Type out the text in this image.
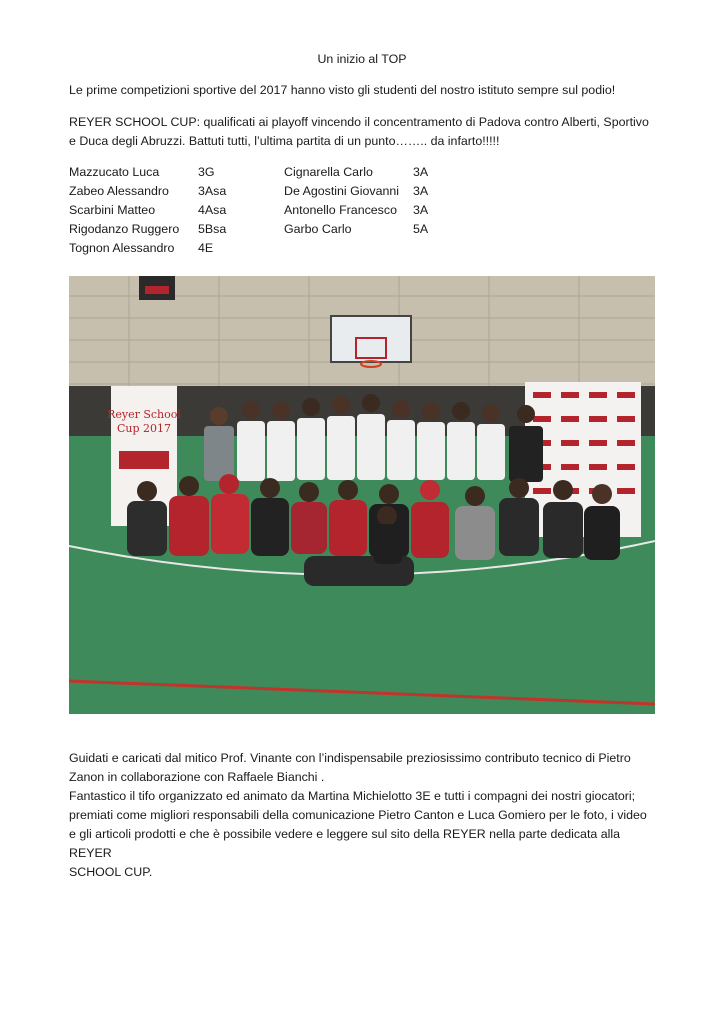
Un inizio al TOP
Le prime competizioni sportive del 2017 hanno visto gli studenti del nostro istituto sempre sul podio!
REYER SCHOOL CUP: qualificati ai playoff vincendo il concentramento di Padova contro Alberti, Sportivo e Duca degli Abruzzi. Battuti tutti, l’ultima partita di un punto…….. da infarto!!!!!
Mazzucato Luca	3G
Zabeo Alessandro 3Asa
Scarbini Matteo	4Asa
Rigodanzo Ruggero 5Bsa
Tognon Alessandro 4E
Cignarella Carlo	3A
De Agostini Giovanni 3A
Antonello Francesco 3A
Garbo Carlo	5A
Reyer School
Cup 2017
Guidati e caricati dal mitico Prof. Vinante con l’indispensabile preziosissimo contributo tecnico di Pietro
Zanon in collaborazione con Raffaele Bianchi .
Fantastico il tifo organizzato ed animato da Martina Michielotto 3E e tutti i compagni dei nostri giocatori;
premiati come migliori responsabili della comunicazione Pietro Canton e Luca Gomiero per le foto, i video
e gli articoli prodotti e che è possibile vedere e leggere sul sito della REYER nella parte dedicata alla REYER
SCHOOL CUP.
